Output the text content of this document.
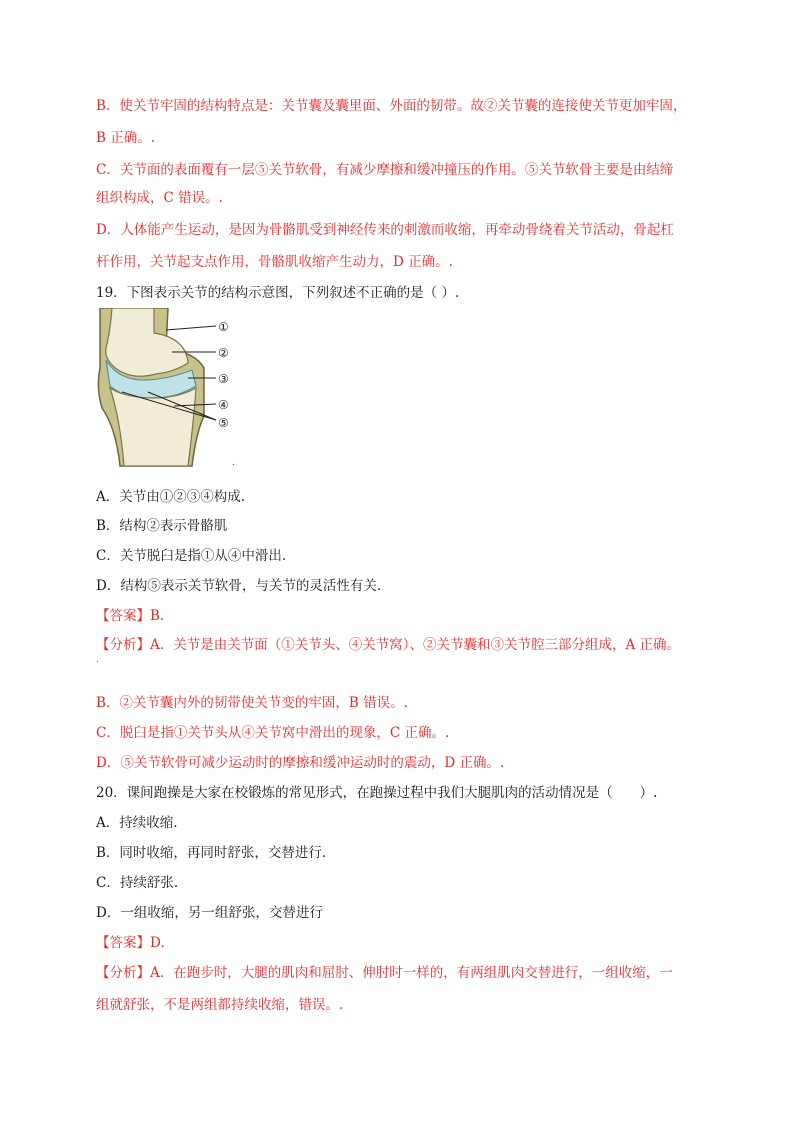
B．使关节牢固的结构特点是：关节囊及囊里面、外面的韧带。故②关节囊的连接使关节更加牢固，
B 正确。.
C．关节面的表面覆有一层⑤关节软骨，有减少摩擦和缓冲撞压的作用。⑤关节软骨主要是由结缔
组织构成，C 错误。.
D．人体能产生运动，是因为骨骼肌受到神经传来的刺激而收缩，再牵动骨绕着关节活动，骨起杠
杆作用，关节起支点作用，骨骼肌收缩产生动力，D 正确。.
19．下图表示关节的结构示意图，下列叙述不正确的是（ ）.
①
②
③
④
⑤
.
A．关节由①②③④构成.
B．结构②表示骨骼肌
C．关节脱臼是指①从④中滑出.
D．结构⑤表示关节软骨，与关节的灵活性有关.
【答案】B.
【分析】A．关节是由关节面（①关节头、④关节窝）、②关节囊和③关节腔三部分组成，A 正确。
.
B．②关节囊内外的韧带使关节变的牢固，B 错误。.
C．脱臼是指①关节头从④关节窝中滑出的现象，C 正确。.
D．⑤关节软骨可减少运动时的摩擦和缓冲运动时的震动，D 正确。.
20．课间跑操是大家在校锻炼的常见形式，在跑操过程中我们大腿肌肉的活动情况是（　　）.
A．持续收缩.
B．同时收缩，再同时舒张，交替进行.
C．持续舒张.
D．一组收缩，另一组舒张，交替进行
【答案】D.
【分析】A．在跑步时，大腿的肌肉和屈肘、伸肘时一样的，有两组肌肉交替进行，一组收缩，一
组就舒张，不是两组都持续收缩，错误。.
